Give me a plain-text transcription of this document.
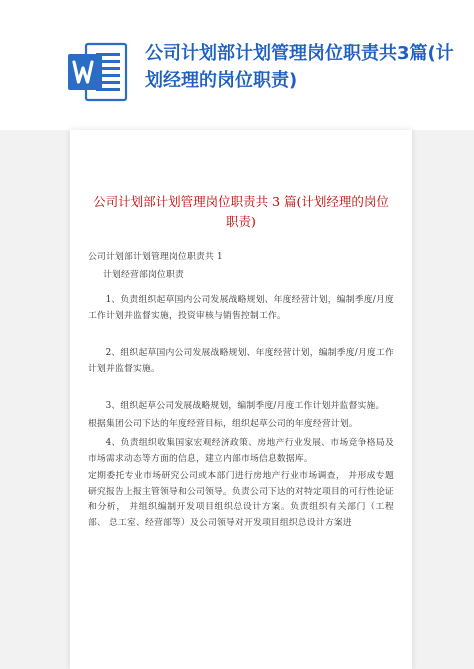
公司计划部计划管理岗位职责共3篇(计划经理的岗位职责)
公司计划部计划管理岗位职责共 3 篇(计划经理的岗位职责)

公司计划部计划管理岗位职责共 1

计划经营部岗位职责

1、负责组织起草国内公司发展战略规划、年度经营计划，编制季度/月度工作计划并监督实施，投资审核与销售控制工作。

2、组织起草国内公司发展战略规划、年度经营计划，编制季度/月度工作计划并监督实施。

3、组织起草公司发展战略规划，编制季度/月度工作计划并监督实施。

根据集团公司下达的年度经营目标，组织起草公司的年度经营计划。

4、负责组织收集国家宏观经济政策、房地产行业发展、市场竞争格局及市场需求动态等方面的信息，建立内部市场信息数据库。

定期委托专业市场研究公司或本部门进行房地产行业市场调查， 并形成专题研究报告上报主管领导和公司领导。负责公司下达的对特定项目的可行性论证和分析， 并组织编制开发项目组织总设计方案。负责组织有关部门（工程部、 总工室、经营部等）及公司领导对开发项目组织总设计方案进
